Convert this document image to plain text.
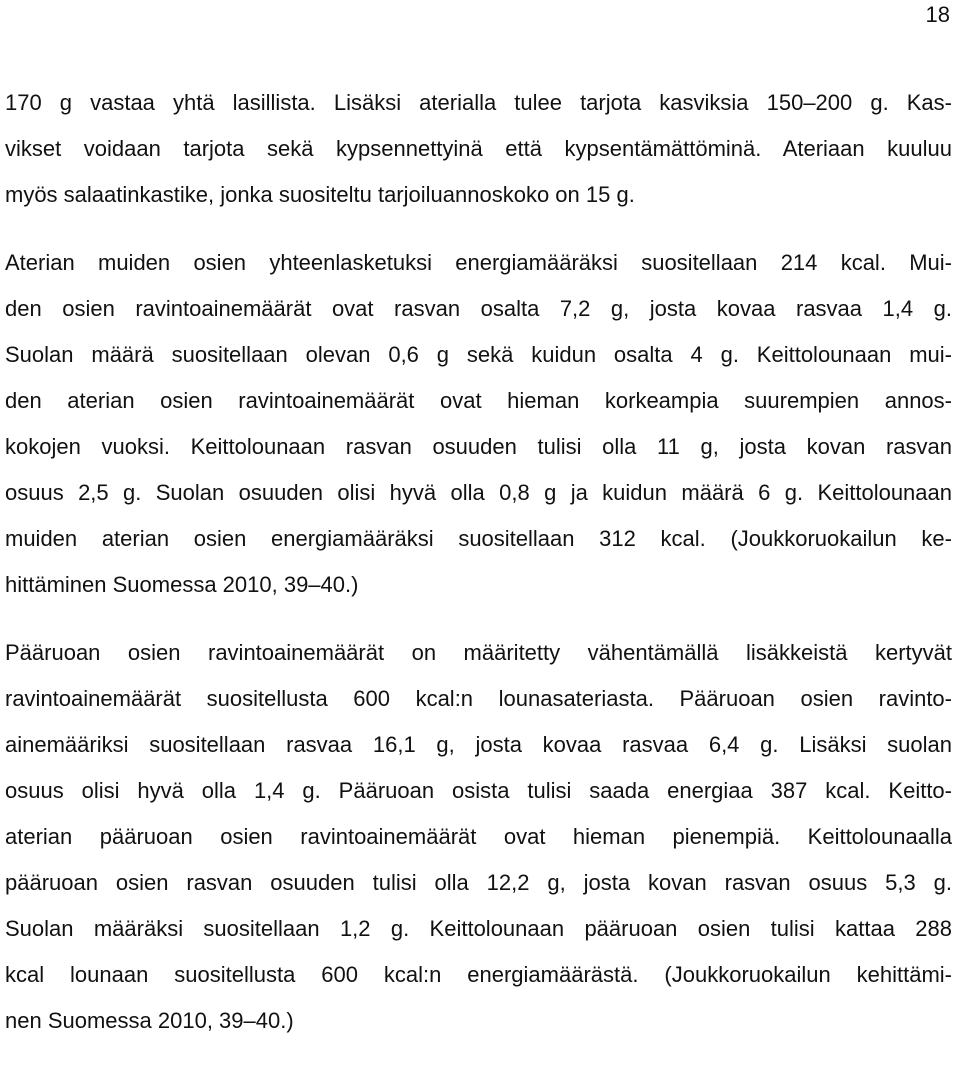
18
170 g vastaa yhtä lasillista. Lisäksi aterialla tulee tarjota kasviksia 150–200 g. Kas-
vikset voidaan tarjota sekä kypsennettyinä että kypsentämättöminä. Ateriaan kuuluu
myös salaatinkastike, jonka suositeltu tarjoiluannoskoko on 15 g.
Aterian muiden osien yhteenlasketuksi energiamääräksi suositellaan 214 kcal. Mui-
den osien ravintoainemäärät ovat rasvan osalta 7,2 g, josta kovaa rasvaa 1,4 g.
Suolan määrä suositellaan olevan 0,6 g sekä kuidun osalta 4 g. Keittolounaan mui-
den aterian osien ravintoainemäärät ovat hieman korkeampia suurempien annos-
kokojen vuoksi. Keittolounaan rasvan osuuden tulisi olla 11 g, josta kovan rasvan
osuus 2,5 g. Suolan osuuden olisi hyvä olla 0,8 g ja kuidun määrä 6 g. Keittolounaan
muiden aterian osien energiamääräksi suositellaan 312 kcal. (Joukkoruokailun ke-
hittäminen Suomessa 2010, 39–40.)
Pääruoan osien ravintoainemäärät on määritetty vähentämällä lisäkkeistä kertyvät
ravintoainemäärät suositellusta 600 kcal:n lounasateriasta. Pääruoan osien ravinto-
ainemääriksi suositellaan rasvaa 16,1 g, josta kovaa rasvaa 6,4 g. Lisäksi suolan
osuus olisi hyvä olla 1,4 g. Pääruoan osista tulisi saada energiaa 387 kcal. Keitto-
aterian pääruoan osien ravintoainemäärät ovat hieman pienempiä. Keittolounaalla
pääruoan osien rasvan osuuden tulisi olla 12,2 g, josta kovan rasvan osuus 5,3 g.
Suolan määräksi suositellaan 1,2 g. Keittolounaan pääruoan osien tulisi kattaa 288
kcal lounaan suositellusta 600 kcal:n energiamäärästä. (Joukkoruokailun kehittämi-
nen Suomessa 2010, 39–40.)
